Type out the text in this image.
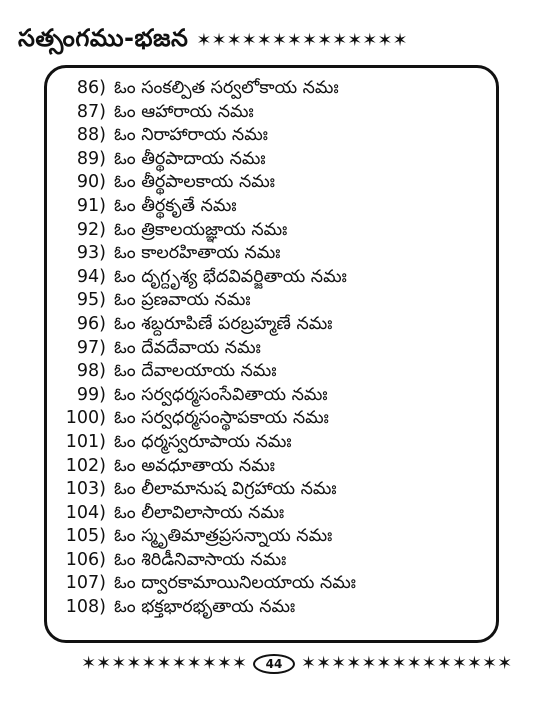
సత్సంగము-భజన ✶✶✶✶✶✶✶✶✶✶✶✶✶✶
86) ఓం సంకల్పిత సర్వలోకాయ నమః
87) ఓం ఆహారాయ నమః
88) ఓం నిరాహారాయ నమః
89) ఓం తీర్థపాదాయ నమః
90) ఓం తీర్థపాలకాయ నమః
91) ఓం తీర్థకృతే నమః
92) ఓం త్రికాలయజ్ఞాయ నమః
93) ఓం కాలరహితాయ నమః
94) ఓం దృగ్దృశ్య భేదవివర్జితాయ నమః
95) ఓం ప్రణవాయ నమః
96) ఓం శబ్దరూపిణే పరబ్రహ్మణే నమః
97) ఓం దేవదేవాయ నమః
98) ఓం దేవాలయాయ నమః
99) ఓం సర్వధర్మసంసేవితాయ నమః
100) ఓం సర్వధర్మసంస్థాపకాయ నమః
101) ఓం ధర్మస్వరూపాయ నమః
102) ఓం అవధూతాయ నమః
103) ఓం లీలామానుష విగ్రహాయ నమః
104) ఓం లీలావిలాసాయ నమః
105) ఓం స్మృతిమాత్రప్రసన్నాయ నమః
106) ఓం శిరిడీనివాసాయ నమః
107) ఓం ద్వారకామాయినిలయాయ నమః
108) ఓం భక్తభారభృతాయ నమః
✶✶✶✶✶✶✶✶✶✶✶	44	✶✶✶✶✶✶✶✶✶✶✶✶✶✶
